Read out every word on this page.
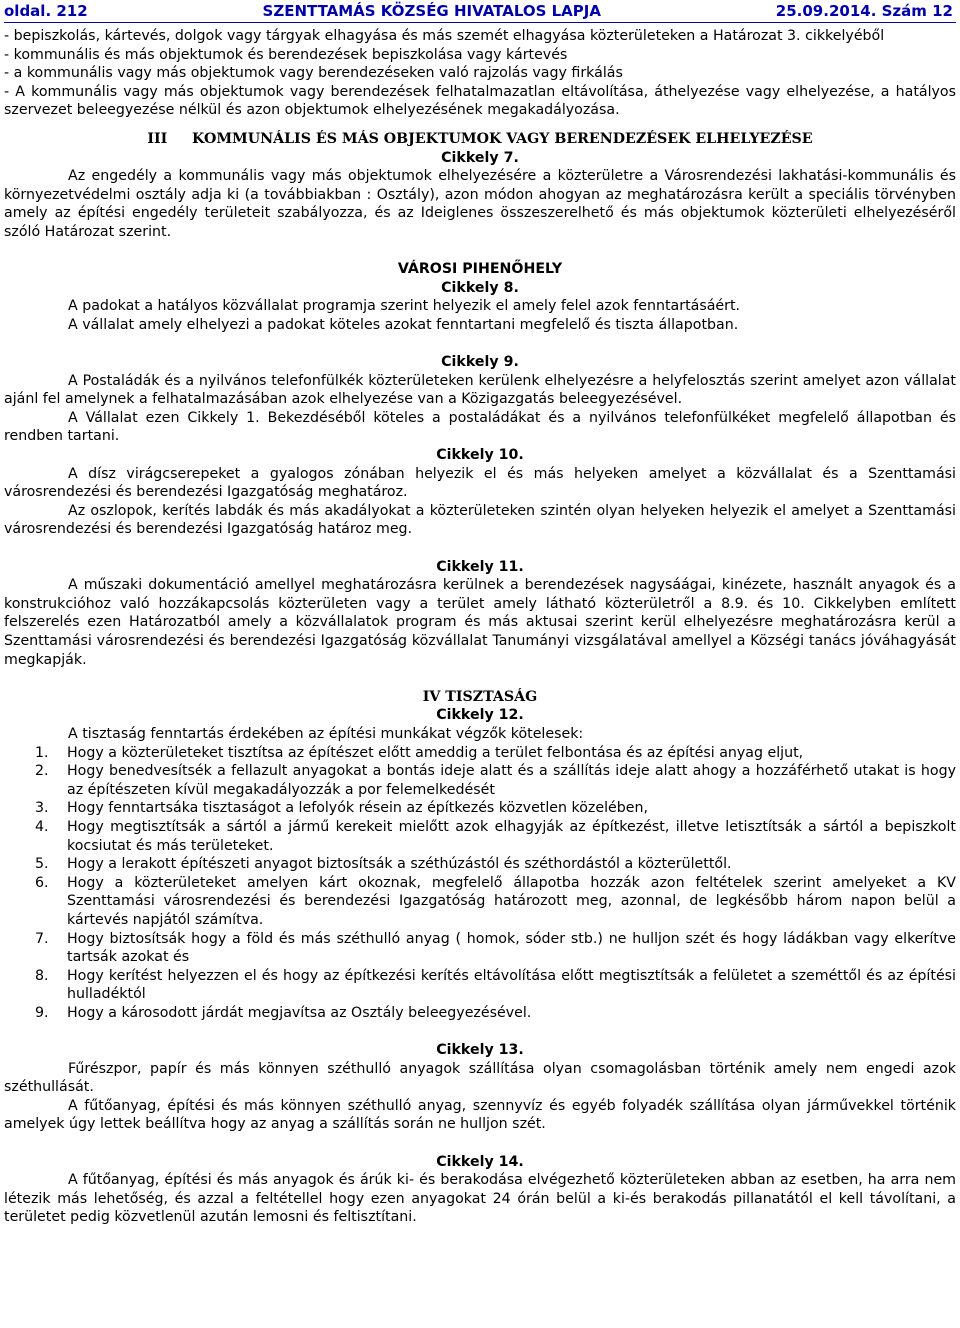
oldal. 212	SZENTTAMÁS KÖZSÉG HIVATALOS LAPJA	25.09.2014. Szám 12

- bepiszkolás, kártevés, dolgok vagy tárgyak elhagyása és más szemét elhagyása közterületeken a Határozat 3. cikkelyéből

- kommunális és más objektumok és berendezések bepiszkolása vagy kártevés

- a kommunális vagy más objektumok vagy berendezéseken való rajzolás vagy firkálás

- A kommunális vagy más objektumok vagy berendezések felhatalmazatlan eltávolítása, áthelyezése vagy elhelyezése, a hatályos szervezet beleegyezése nélkül és azon objektumok elhelyezésének megakadályozása.

III     KOMMUNÁLIS ÉS MÁS OBJEKTUMOK VAGY BERENDEZÉSEK ELHELYEZÉSE

Cikkely 7.

Az engedély a kommunális vagy más objektumok elhelyezésére a közterületre a Városrendezési lakhatási-kommunális és környezetvédelmi osztály adja ki (a továbbiakban : Osztály), azon módon ahogyan az meghatározásra került a speciális törvényben amely az építési engedély területeit szabályozza, és az Ideiglenes összeszerelhető és más objektumok közterületi elhelyezéséről szóló Határozat szerint.

VÁROSI PIHENŐHELY

Cikkely 8.

A padokat a hatályos közvállalat programja szerint helyezik el amely felel azok fenntartásáért.

A vállalat amely elhelyezi a padokat köteles azokat fenntartani megfelelő és tiszta állapotban.

Cikkely 9.

A Postaládák és a nyilvános telefonfülkék közterületeken kerülenk elhelyezésre a helyfelosztás szerint amelyet azon vállalat ajánl fel amelynek a felhatalmazásában azok elhelyezése van a Közigazgatás beleegyezésével.

A Vállalat ezen Cikkely 1. Bekezdéséből köteles a postaládákat és a nyilvános telefonfülkéket megfelelő állapotban és rendben tartani.

Cikkely 10.

A dísz virágcserepeket a gyalogos zónában helyezik el és más helyeken amelyet a közvállalat és a Szenttamási városrendezési és berendezési Igazgatóság meghatároz.

Az oszlopok, kerítés labdák és más akadályokat a közterületeken szintén olyan helyeken helyezik el amelyet a Szenttamási városrendezési és berendezési Igazgatóság határoz meg.

Cikkely 11.

A műszaki dokumentáció amellyel meghatározásra kerülnek a berendezések nagysáágai, kinézete, használt anyagok és a konstrukcióhoz való hozzákapcsolás közterületen vagy a terület amely látható közterületről a 8.9. és 10. Cikkelyben említett felszerelés ezen Határozatból amely a közvállalatok program és más aktusai szerint kerül elhelyezésre meghatározásra kerül a Szenttamási városrendezési és berendezési Igazgatóság közvállalat Tanumányi vizsgálatával amellyel a Községi tanács jóváhagyását megkapják.

IV TISZTASÁG

Cikkely 12.

A tisztaság fenntartás érdekében az építési munkákat végzők kötelesek:

1. Hogy a közterületeket tisztítsa az építészet előtt ameddig a terület felbontása és az építési anyag eljut,
2. Hogy benedvesítsék a fellazult anyagokat a bontás ideje alatt és a szállítás ideje alatt ahogy a hozzáférhető utakat is hogy az építészeten kívül megakadályozzák a por felemelkedését
3. Hogy fenntartsáka tisztaságot a lefolyók résein az építkezés közvetlen közelében,
4. Hogy megtisztítsák a sártól a jármű kerekeit mielőtt azok elhagyják az építkezést, illetve letisztítsák a sártól a bepiszkolt kocsiutat és más területeket.
5. Hogy a lerakott építészeti anyagot biztosítsák a széthúzástól és széthordástól a közterülettől.
6. Hogy a közterületeket amelyen kárt okoznak, megfelelő állapotba hozzák azon feltételek szerint amelyeket a KV Szenttamási városrendezési és berendezési Igazgatóság határozott meg, azonnal, de legkésőbb három napon belül a kártevés napjától számítva.
7. Hogy biztosítsák hogy a föld és más széthulló anyag ( homok, sóder stb.) ne hulljon szét és hogy ládákban vagy elkerítve tartsák azokat és
8. Hogy kerítést helyezzen el és hogy az építkezési kerítés eltávolítása előtt megtisztítsák a felületet a szeméttől és az építési hulladéktól
9. Hogy a károsodott járdát megjavítsa az Osztály beleegyezésével.

Cikkely 13.

Fűrészpor, papír és más könnyen széthulló anyagok szállítása olyan csomagolásban történik amely nem engedi azok széthullását.

A fűtőanyag, építési és más könnyen széthulló anyag, szennyvíz és egyéb folyadék szállítása olyan járművekkel történik amelyek úgy lettek beállítva hogy az anyag a szállítás során ne hulljon szét.

Cikkely 14.

A fűtőanyag, építési és más anyagok és árúk ki- és berakodása elvégezhető közterületeken abban az esetben, ha arra nem létezik más lehetőség, és azzal a feltétellel hogy ezen anyagokat 24 órán belül a ki-és berakodás pillanatától el kell távolítani, a területet pedig közvetlenül azután lemosni és feltisztítani.
